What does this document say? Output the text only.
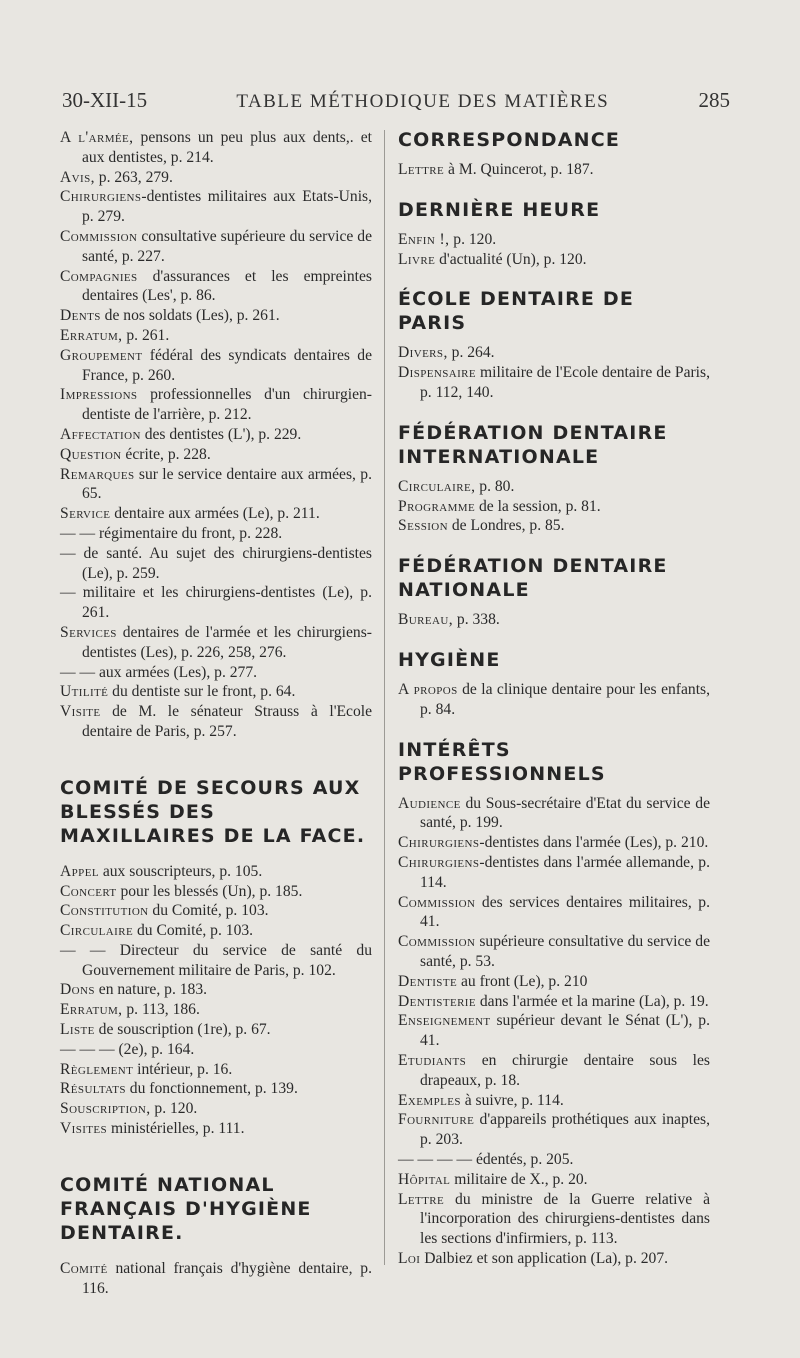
30-XII-15	TABLE MÉTHODIQUE DES MATIÈRES	285

A l'armée, pensons un peu plus aux dents,. et aux dentistes, p. 214.

Avis, p. 263, 279.

Chirurgiens-dentistes militaires aux Etats-Unis, p. 279.

Commission consultative supérieure du service de santé, p. 227.

Compagnies d'assurances et les empreintes dentaires (Les', p. 86.

Dents de nos soldats (Les), p. 261.

Erratum, p. 261.

Groupement fédéral des syndicats dentaires de France, p. 260.

Impressions professionnelles d'un chirurgien-dentiste de l'arrière, p. 212.

Affectation des dentistes (L'), p. 229.

Question écrite, p. 228.

Remarques sur le service dentaire aux armées, p. 65.

Service dentaire aux armées (Le), p. 211.

— — régimentaire du front, p. 228.

— de santé. Au sujet des chirurgiens-dentistes (Le), p. 259.

— militaire et les chirurgiens-dentistes (Le), p. 261.

Services dentaires de l'armée et les chirurgiens-dentistes (Les), p. 226, 258, 276.

— — aux armées (Les), p. 277.

Utilité du dentiste sur le front, p. 64.

Visite de M. le sénateur Strauss à l'Ecole dentaire de Paris, p. 257.

COMITÉ DE SECOURS AUX BLESSÉS DES MAXILLAIRES DE LA FACE.

Appel aux souscripteurs, p. 105.

Concert pour les blessés (Un), p. 185.

Constitution du Comité, p. 103.

Circulaire du Comité, p. 103.

— — Directeur du service de santé du Gouvernement militaire de Paris, p. 102.

Dons en nature, p. 183.

Erratum, p. 113, 186.

Liste de souscription (1re), p. 67.

— — — (2e), p. 164.

Règlement intérieur, p. 16.

Résultats du fonctionnement, p. 139.

Souscription, p. 120.

Visites ministérielles, p. 111.

COMITÉ NATIONAL FRANÇAIS D'HYGIÈNE DENTAIRE.

Comité national français d'hygiène dentaire, p. 116.

CORRESPONDANCE

Lettre à M. Quincerot, p. 187.

DERNIÈRE HEURE

Enfin !, p. 120.

Livre d'actualité (Un), p. 120.

ÉCOLE DENTAIRE DE PARIS

Divers, p. 264.

Dispensaire militaire de l'Ecole dentaire de Paris, p. 112, 140.

FÉDÉRATION DENTAIRE INTERNATIONALE

Circulaire, p. 80.

Programme de la session, p. 81.

Session de Londres, p. 85.

FÉDÉRATION DENTAIRE NATIONALE

Bureau, p. 338.

HYGIÈNE

A propos de la clinique dentaire pour les enfants, p. 84.

INTÉRÊTS PROFESSIONNELS

Audience du Sous-secrétaire d'Etat du service de santé, p. 199.

Chirurgiens-dentistes dans l'armée (Les), p. 210.

Chirurgiens-dentistes dans l'armée allemande, p. 114.

Commission des services dentaires militaires, p. 41.

Commission supérieure consultative du service de santé, p. 53.

Dentiste au front (Le), p. 210

Dentisterie dans l'armée et la marine (La), p. 19.

Enseignement supérieur devant le Sénat (L'), p. 41.

Etudiants en chirurgie dentaire sous les drapeaux, p. 18.

Exemples à suivre, p. 114.

Fourniture d'appareils prothétiques aux inaptes, p. 203.

— — — — édentés, p. 205.

Hôpital militaire de X., p. 20.

Lettre du ministre de la Guerre relative à l'incorporation des chirurgiens-dentistes dans les sections d'infirmiers, p. 113.

Loi Dalbiez et son application (La), p. 207.
